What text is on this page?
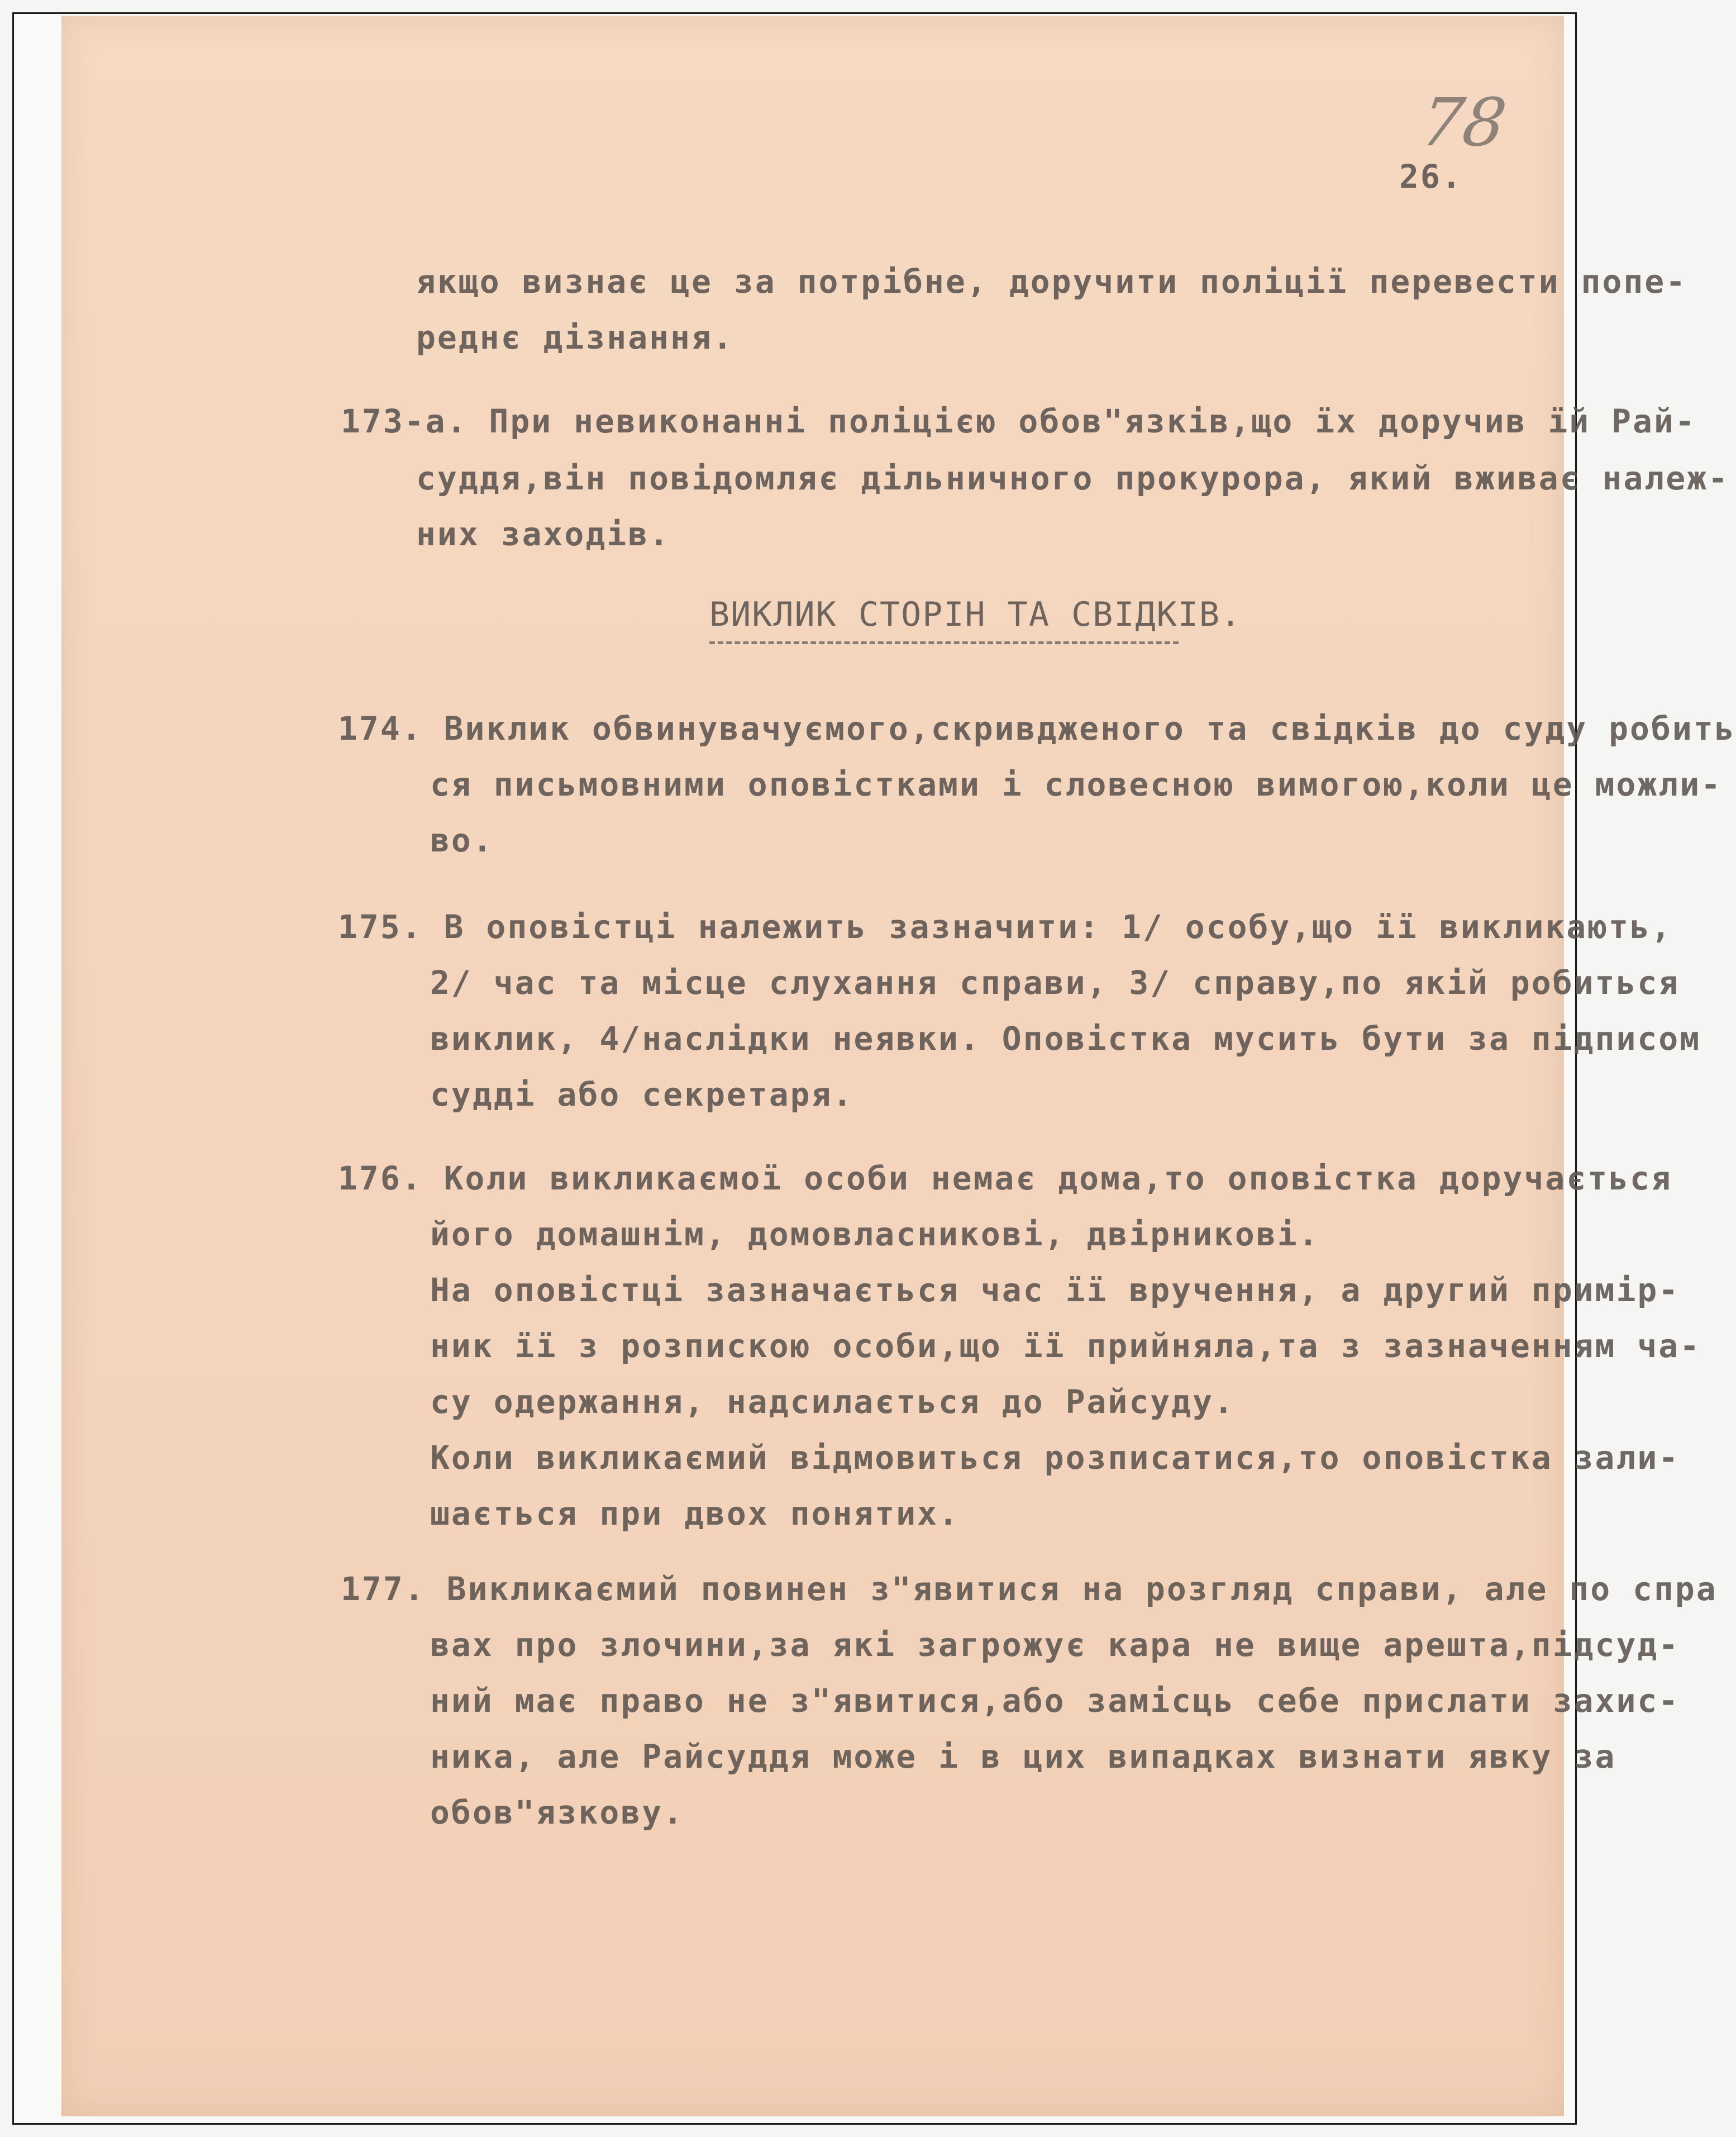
78

26.

якщо визнає це за потрібне, доручити поліції перевести попе-

реднє дізнання.

173-а. При невиконанні поліцією обов"язків,що їх доручив їй Рай-

суддя,він повідомляє дільничного прокурора, який вживає належ-

них заходів.

ВИКЛИК СТОРІН ТА СВІДКІВ.

174. Виклик обвинувачуємого,скривдженого та свідків до суду робить

ся письмовними оповістками і словесною вимогою,коли це можли-

во.

175. В оповістці належить зазначити: 1/ особу,що її викликають,

2/ час та місце слухання справи, 3/ справу,по якій робиться

виклик, 4/наслідки неявки. Оповістка мусить бути за підписом

судді або секретаря.

176. Коли викликаємої особи немає дома,то оповістка доручається

його домашнім, домовласникові, двірникові.

На оповістці зазначається час її вручення, а другий примір-

ник її з розпискою особи,що її прийняла,та з зазначенням ча-

су одержання, надсилається до Райсуду.

Коли викликаємий відмовиться розписатися,то оповістка зали-

шається при двох понятих.

177. Викликаємий повинен з"явитися на розгляд справи, але по спра

вах про злочини,за які загрожує кара не вище арешта,підсуд-

ний має право не з"явитися,або замісць себе прислати захис-

ника, але Райсуддя може і в цих випадках визнати явку за

обов"язкову.
